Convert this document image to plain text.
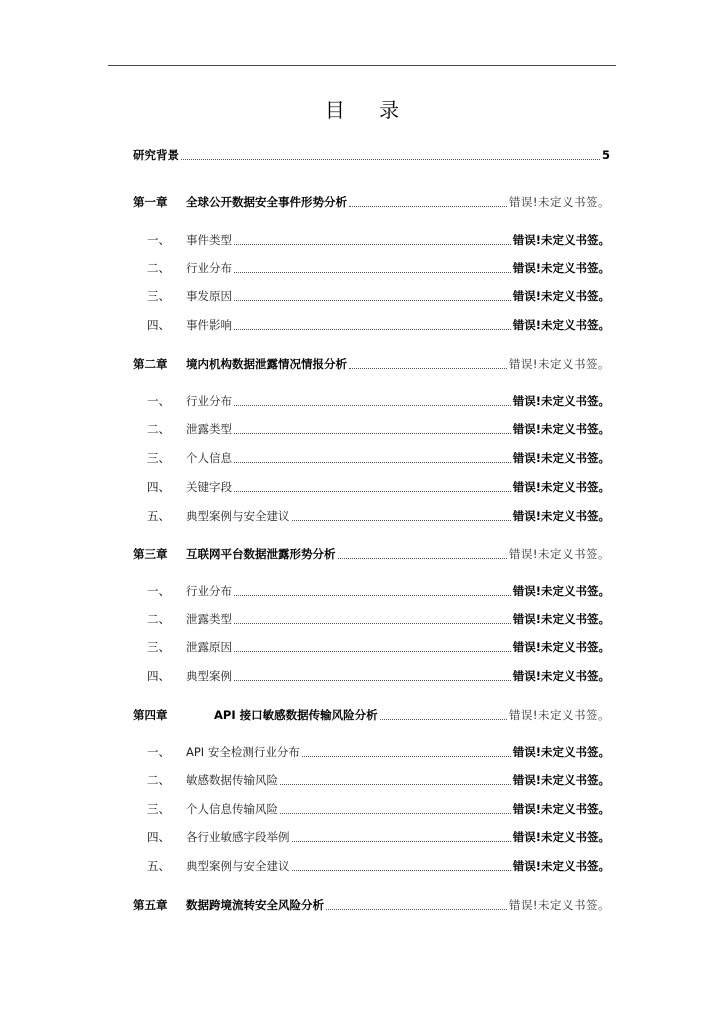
目 录
研究背景	5
第一章	全球公开数据安全事件形势分析	错误!未定义书签。
一、	事件类型	错误!未定义书签。
二、	行业分布	错误!未定义书签。
三、	事发原因	错误!未定义书签。
四、	事件影响	错误!未定义书签。
第二章	境内机构数据泄露情况情报分析	错误!未定义书签。
一、	行业分布	错误!未定义书签。
二、	泄露类型	错误!未定义书签。
三、	个人信息	错误!未定义书签。
四、	关键字段	错误!未定义书签。
五、	典型案例与安全建议	错误!未定义书签。
第三章	互联网平台数据泄露形势分析	错误!未定义书签。
一、	行业分布	错误!未定义书签。
二、	泄露类型	错误!未定义书签。
三、	泄露原因	错误!未定义书签。
四、	典型案例	错误!未定义书签。
第四章	API 接口敏感数据传输风险分析	错误!未定义书签。
一、	API 安全检测行业分布	错误!未定义书签。
二、	敏感数据传输风险	错误!未定义书签。
三、	个人信息传输风险	错误!未定义书签。
四、	各行业敏感字段举例	错误!未定义书签。
五、	典型案例与安全建议	错误!未定义书签。
第五章	数据跨境流转安全风险分析	错误!未定义书签。
